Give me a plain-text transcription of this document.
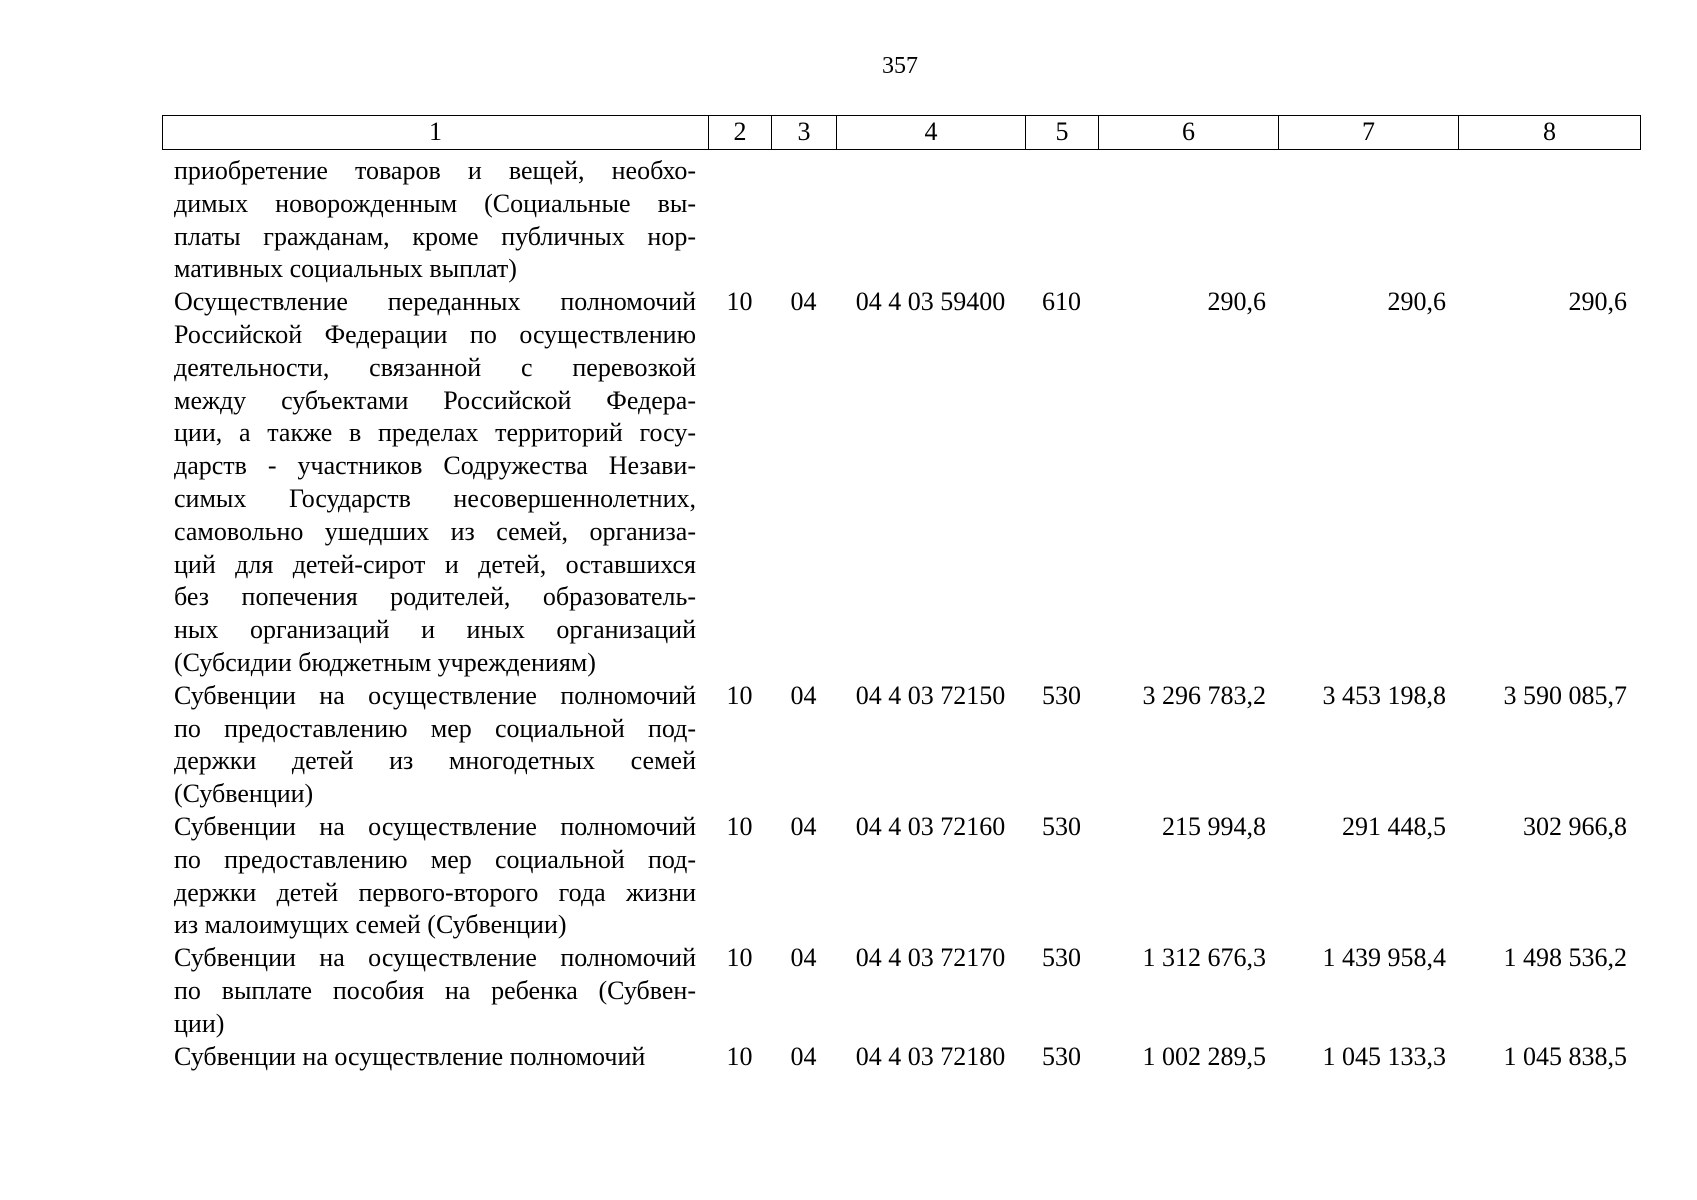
357
1	2	3	4	5	6	7	8
приобретение товаров и вещей, необхо-
димых новорожденным (Социальные вы-
платы гражданам, кроме публичных нор-
мативных социальных выплат)
Осуществление переданных полномочий
Российской Федерации по осуществлению
деятельности, связанной с перевозкой
между субъектами Российской Федера-
ции, а также в пределах территорий госу-
дарств - участников Содружества Незави-
симых Государств несовершеннолетних,
самовольно ушедших из семей, организа-
ций для детей-сирот и детей, оставшихся
без попечения родителей, образователь-
ных организаций и иных организаций
(Субсидии бюджетным учреждениям)
10	04	04 4 03 59400	610	290,6	290,6	290,6
Субвенции на осуществление полномочий
по предоставлению мер социальной под-
держки детей из многодетных семей
(Субвенции)
10	04	04 4 03 72150	530	3 296 783,2	3 453 198,8	3 590 085,7
Субвенции на осуществление полномочий
по предоставлению мер социальной под-
держки детей первого-второго года жизни
из малоимущих семей (Субвенции)
10	04	04 4 03 72160	530	215 994,8	291 448,5	302 966,8
Субвенции на осуществление полномочий
по выплате пособия на ребенка (Субвен-
ции)
10	04	04 4 03 72170	530	1 312 676,3	1 439 958,4	1 498 536,2
Субвенции на осуществление полномочий	10	04	04 4 03 72180	530	1 002 289,5	1 045 133,3	1 045 838,5
